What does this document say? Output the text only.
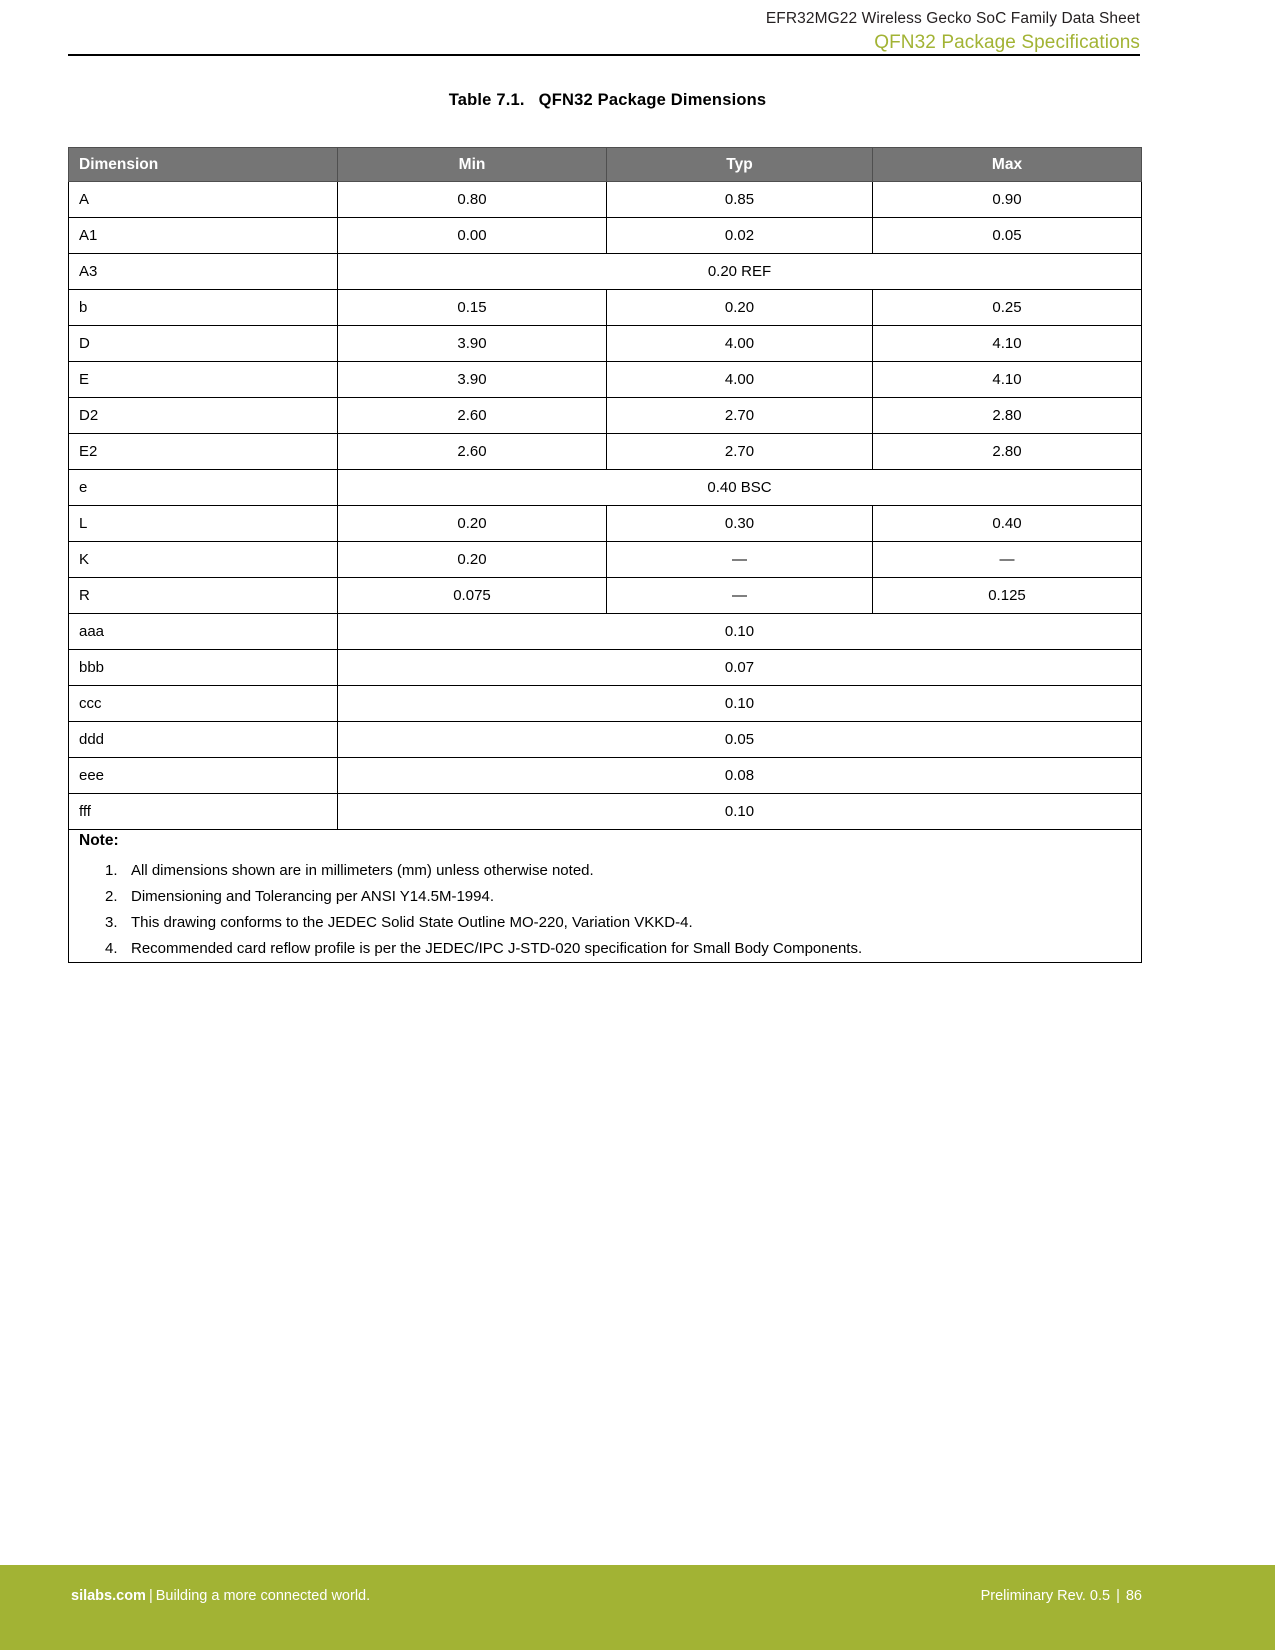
EFR32MG22 Wireless Gecko SoC Family Data Sheet
QFN32 Package Specifications
Table 7.1. QFN32 Package Dimensions
Dimension	Min	Typ	Max
A	0.80	0.85	0.90
A1	0.00	0.02	0.05
A3	0.20 REF		
b	0.15	0.20	0.25
D	3.90	4.00	4.10
E	3.90	4.00	4.10
D2	2.60	2.70	2.80
E2	2.60	2.70	2.80
e	0.40 BSC		
L	0.20	0.30	0.40
K	0.20	—	—
R	0.075	—	0.125
aaa	0.10		
bbb	0.07		
ccc	0.10		
ddd	0.05		
eee	0.08		
fff	0.10		

Note:
All dimensions shown are in millimeters (mm) unless otherwise noted.
Dimensioning and Tolerancing per ANSI Y14.5M-1994.
This drawing conforms to the JEDEC Solid State Outline MO-220, Variation VKKD-4.
Recommended card reflow profile is per the JEDEC/IPC J-STD-020 specification for Small Body Components.
silabs.com | Building a more connected world.	Preliminary Rev. 0.5 | 86
